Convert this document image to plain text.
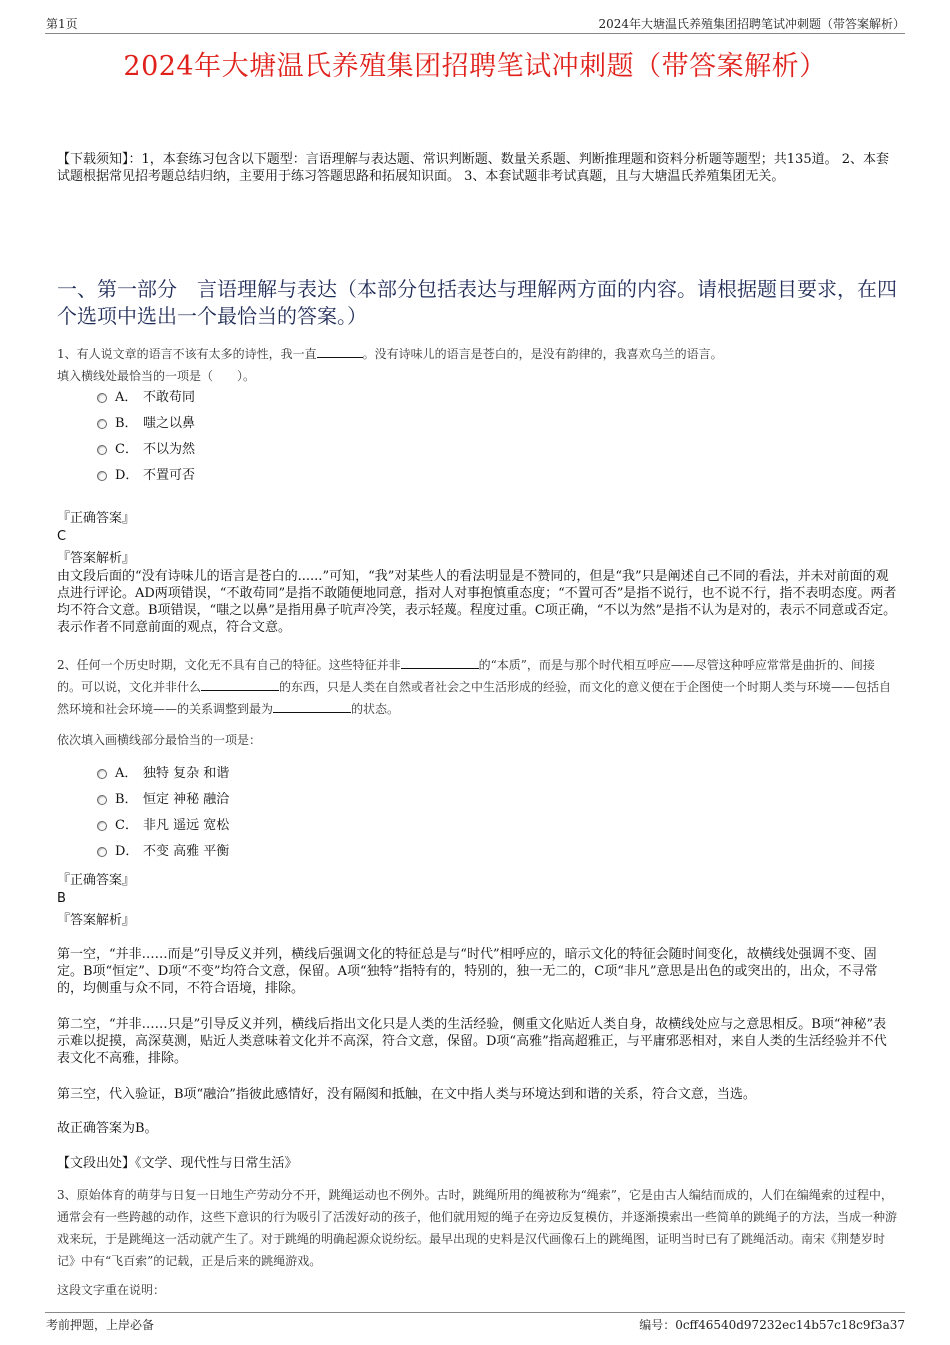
第1页	2024年大塘温氏养殖集团招聘笔试冲刺题（带答案解析）
2024年大塘温氏养殖集团招聘笔试冲刺题（带答案解析）
【下载须知】：1，本套练习包含以下题型：言语理解与表达题、常识判断题、数量关系题、判断推理题和资料分析题等题型；共135道。 2、本套试题根据常见招考题总结归纳，主要用于练习答题思路和拓展知识面。 3、本套试题非考试真题，且与大塘温氏养殖集团无关。
一、第一部分　言语理解与表达（本部分包括表达与理解两方面的内容。请根据题目要求，在四个选项中选出一个最恰当的答案。）
1、有人说文章的语言不该有太多的诗性，我一直	。没有诗味儿的语言是苍白的，是没有韵律的，我喜欢乌兰的语言。
填入横线处最恰当的一项是（　　）。
A． 不敢苟同
B． 嗤之以鼻
C． 不以为然
D． 不置可否
『正确答案』
C
『答案解析』
由文段后面的“没有诗味儿的语言是苍白的......”可知，“我”对某些人的看法明显是不赞同的，但是“我”只是阐述自己不同的看法，并未对前面的观点进行评论。AD两项错误，“不敢苟同”是指不敢随便地同意，指对人对事抱慎重态度；“不置可否”是指不说行，也不说不行，指不表明态度。两者均不符合文意。B项错误，“嗤之以鼻”是指用鼻子吭声冷笑，表示轻蔑。程度过重。C项正确，“不以为然”是指不认为是对的，表示不同意或否定。表示作者不同意前面的观点，符合文意。
2、任何一个历史时期，文化无不具有自己的特征。这些特征并非	的“本质”，而是与那个时代相互呼应——尽管这种呼应常常是曲折的、间接的。可以说，文化并非什么	的东西，只是人类在自然或者社会之中生活形成的经验，而文化的意义便在于企图使一个时期人类与环境——包括自然环境和社会环境——的关系调整到最为	的状态。
依次填入画横线部分最恰当的一项是：
A． 独特 复杂 和谐
B． 恒定 神秘 融洽
C． 非凡 遥远 宽松
D． 不变 高雅 平衡
『正确答案』
B
『答案解析』
第一空，“并非……而是”引导反义并列，横线后强调文化的特征总是与“时代”相呼应的，暗示文化的特征会随时间变化，故横线处强调不变、固定。B项“恒定”、D项“不变”均符合文意，保留。A项“独特”指特有的，特别的，独一无二的，C项“非凡”意思是出色的或突出的，出众，不寻常的，均侧重与众不同，不符合语境，排除。
第二空，“并非……只是”引导反义并列，横线后指出文化只是人类的生活经验，侧重文化贴近人类自身，故横线处应与之意思相反。B项“神秘”表示难以捉摸，高深莫测，贴近人类意味着文化并不高深，符合文意，保留。D项“高雅”指高超雅正，与平庸邪恶相对，来自人类的生活经验并不代表文化不高雅，排除。
第三空，代入验证，B项“融洽”指彼此感情好，没有隔阂和抵触，在文中指人类与环境达到和谐的关系，符合文意，当选。
故正确答案为B。
【文段出处】《文学、现代性与日常生活》
3、原始体育的萌芽与日复一日地生产劳动分不开，跳绳运动也不例外。古时，跳绳所用的绳被称为“绳索”，它是由古人编结而成的，人们在编绳索的过程中，通常会有一些跨越的动作，这些下意识的行为吸引了活泼好动的孩子，他们就用短的绳子在旁边反复模仿，并逐渐摸索出一些简单的跳绳子的方法，当成一种游戏来玩，于是跳绳这一活动就产生了。对于跳绳的明确起源众说纷纭。最早出现的史料是汉代画像石上的跳绳图，证明当时已有了跳绳活动。南宋《荆楚岁时记》中有“飞百索”的记载，正是后来的跳绳游戏。
这段文字重在说明：
考前押题，上岸必备	编号：0cff46540d97232ec14b57c18c9f3a37
